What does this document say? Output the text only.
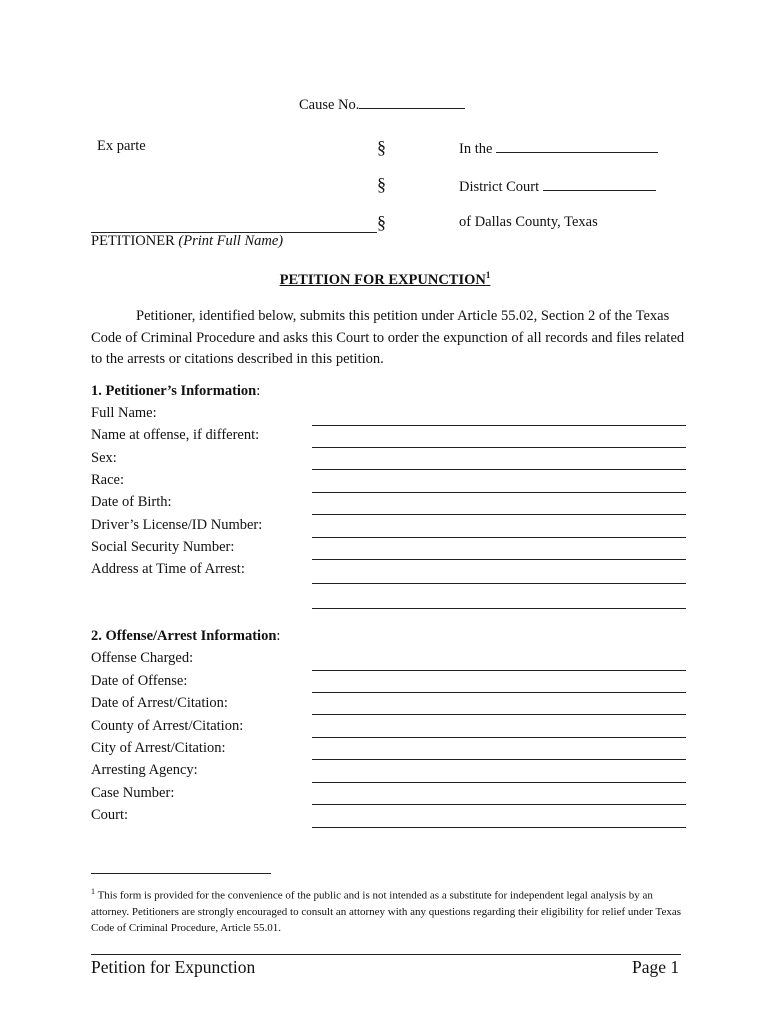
Cause No.
Ex parte
PETITIONER (Print Full Name)
§
§
§
In the
District Court
of Dallas County, Texas
PETITION FOR EXPUNCTION$^1$
Petitioner, identified below, submits this petition under Article 55.02, Section 2 of the Texas Code of Criminal Procedure and asks this Court to order the expunction of all records and files related to the arrests or citations described in this petition.
1. Petitioner’s Information:
Full Name:
Name at offense, if different:
Sex:
Race:
Date of Birth:
Driver’s License/ID Number:
Social Security Number:
Address at Time of Arrest:
2. Offense/Arrest Information:
Offense Charged:
Date of Offense:
Date of Arrest/Citation:
County of Arrest/Citation:
City of Arrest/Citation:
Arresting Agency:
Case Number:
Court:
$^1$ This form is provided for the convenience of the public and is not intended as a substitute for independent legal analysis by an attorney. Petitioners are strongly encouraged to consult an attorney with any questions regarding their eligibility for relief under Texas Code of Criminal Procedure, Article 55.01.
Petition for Expunction	Page 1
